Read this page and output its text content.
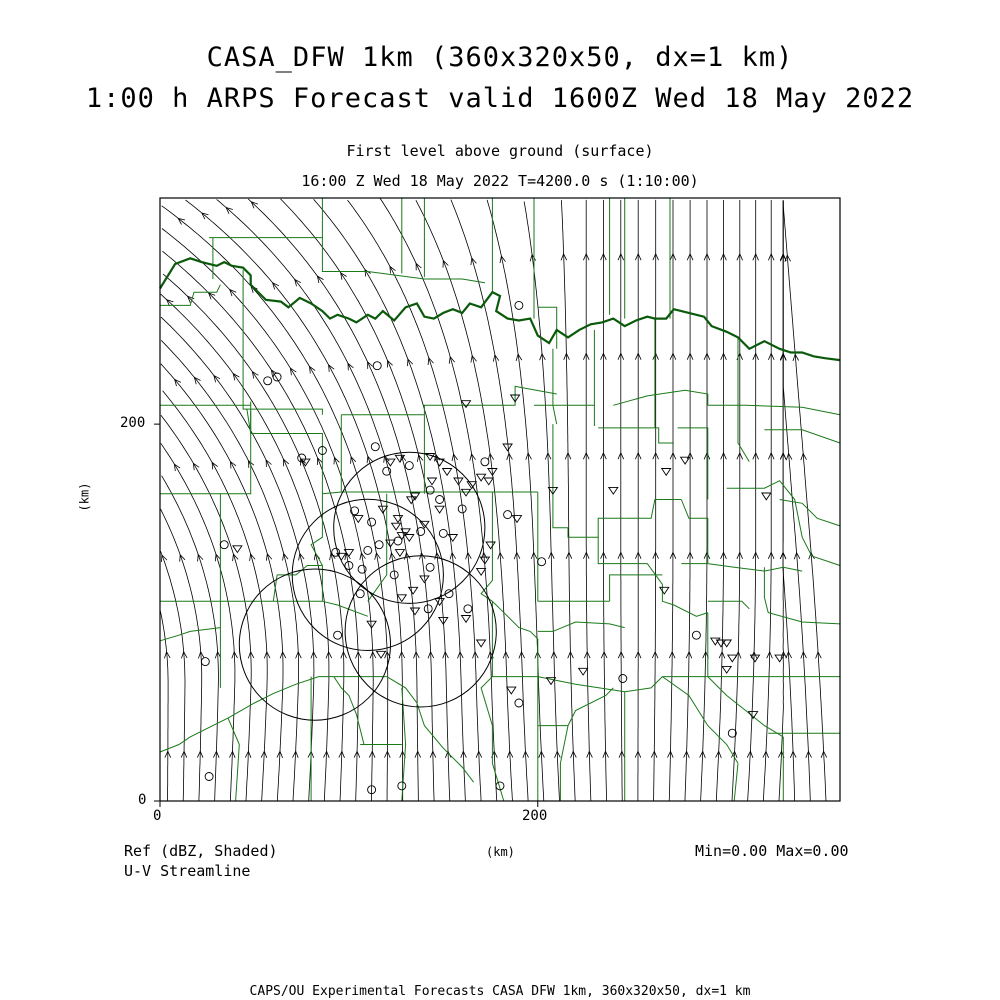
CASA_DFW 1km (360x320x50, dx=1 km)
1:00 h ARPS Forecast valid 1600Z Wed 18 May 2022
First level above ground (surface)
16:00 Z Wed 18 May 2022 T=4200.0 s (1:10:00)
200
0
0	200
(km)
(km)
Ref (dBZ, Shaded)
U-V Streamline
Min=0.00 Max=0.00
CAPS/OU Experimental Forecasts CASA DFW 1km, 360x320x50, dx=1 km
